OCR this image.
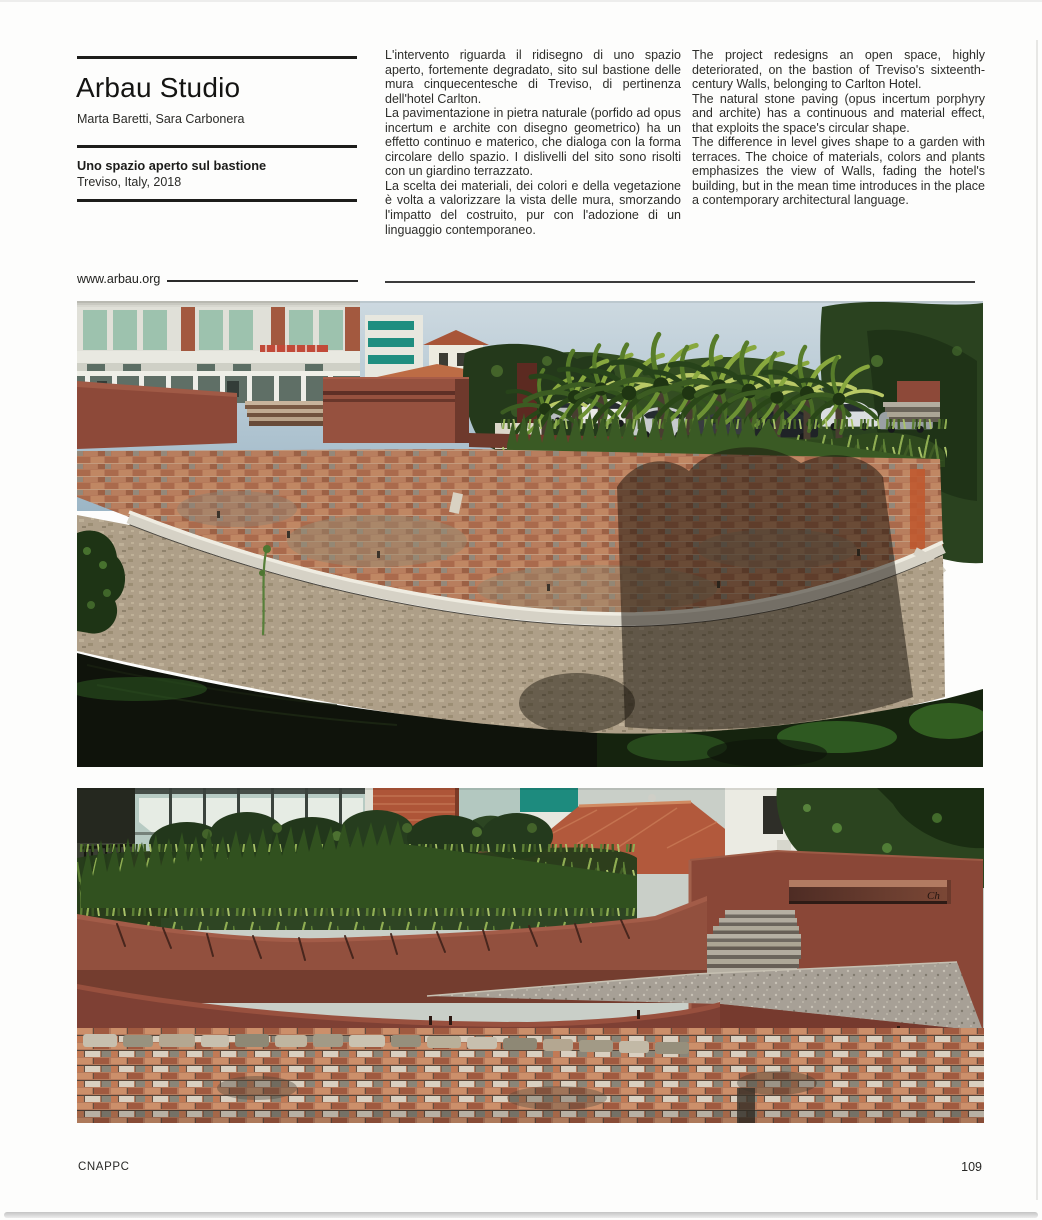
Arbau Studio
Marta Baretti, Sara Carbonera
Uno spazio aperto sul bastione
Treviso, Italy, 2018
www.arbau.org

L'intervento riguarda il ridisegno di uno spazio aperto, fortemente degradato, sito sul bastione delle mura cinquecentesche di Treviso, di pertinenza dell'hotel Carlton.

La pavimentazione in pietra naturale (porfido ad opus incertum e archite con disegno geometrico) ha un effetto continuo e materico, che dialoga con la forma circolare dello spazio. I dislivelli del sito sono risolti con un giardino terrazzato.

La scelta dei materiali, dei colori e della vegetazione è volta a valorizzare la vista delle mura, smorzando l'impatto del costruito, pur con l'adozione di un linguaggio contemporaneo.

The project redesigns an open space, highly deteriorated, on the bastion of Treviso's sixteenth-century Walls, belonging to Carlton Hotel.

The natural stone paving (opus incertum porphyry and archite) has a continuous and material effect, that exploits the space's circular shape.

The difference in level gives shape to a garden with terraces. The choice of materials, colors and plants emphasizes the view of Walls, fading the hotel's building, but in the mean time introduces in the place a contemporary architectural language.

Ch
CNAPPC	109
